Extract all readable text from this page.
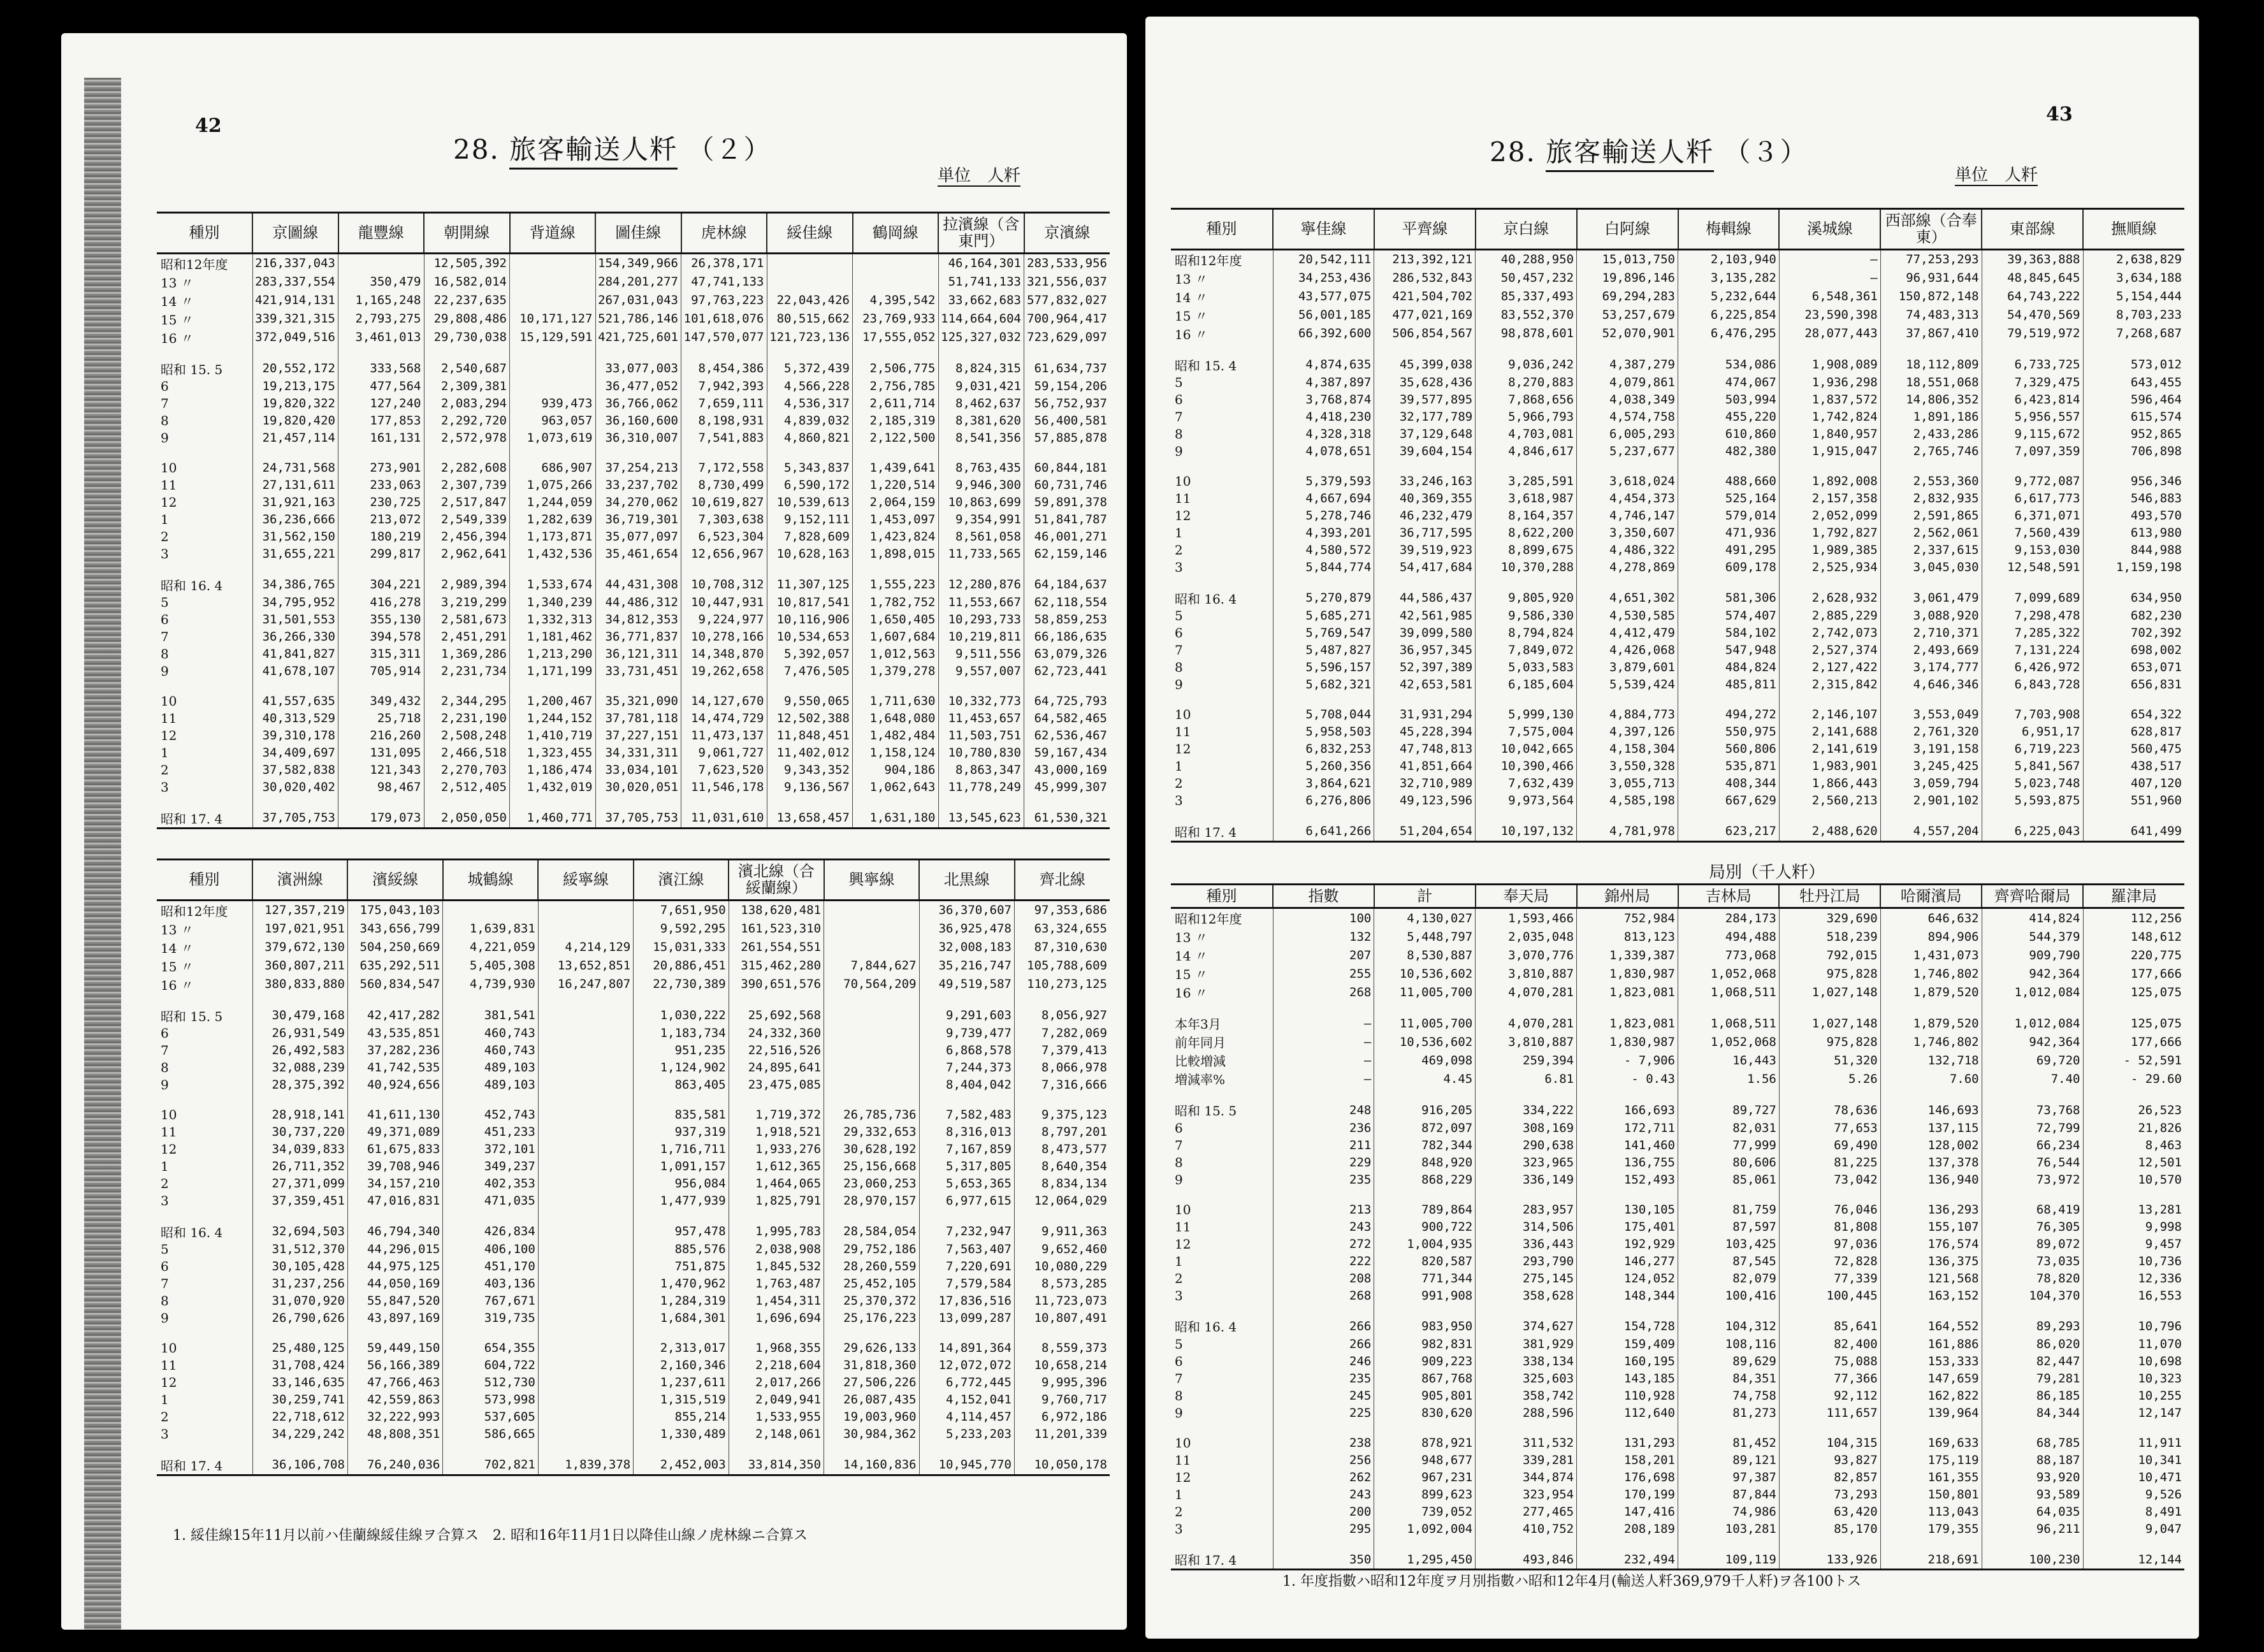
42
28. 旅客輸送人粁 （２）
単位　人粁
種別	京圖線	龍豐線	朝開線	背道線	圖佳線	虎林線	綏佳線	鶴岡線	拉濱線（含東門）	京濱線
昭和12年度	216,337,043		12,505,392		154,349,966	26,378,171			46,164,301	283,533,956
13 〃	283,337,554	350,479	16,582,014		284,201,277	47,741,133			51,741,133	321,556,037
14 〃	421,914,131	1,165,248	22,237,635		267,031,043	97,763,223	22,043,426	4,395,542	33,662,683	577,832,027
15 〃	339,321,315	2,793,275	29,808,486	10,171,127	521,786,146	101,618,076	80,515,662	23,769,933	114,664,604	700,964,417
16 〃	372,049,516	3,461,013	29,730,038	15,129,591	421,725,601	147,570,077	121,723,136	17,555,052	125,327,032	723,629,097

昭和 15. 5	20,552,172	333,568	2,540,687		33,077,003	8,454,386	5,372,439	2,506,775	8,824,315	61,634,737
6	19,213,175	477,564	2,309,381		36,477,052	7,942,393	4,566,228	2,756,785	9,031,421	59,154,206
7	19,820,322	127,240	2,083,294	939,473	36,766,062	7,659,111	4,536,317	2,611,714	8,462,637	56,752,937
8	19,820,420	177,853	2,292,720	963,057	36,160,600	8,198,931	4,839,032	2,185,319	8,381,620	56,400,581
9	21,457,114	161,131	2,572,978	1,073,619	36,310,007	7,541,883	4,860,821	2,122,500	8,541,356	57,885,878

10	24,731,568	273,901	2,282,608	686,907	37,254,213	7,172,558	5,343,837	1,439,641	8,763,435	60,844,181
11	27,131,611	233,063	2,307,739	1,075,266	33,237,702	8,730,499	6,590,172	1,220,514	9,946,300	60,731,746
12	31,921,163	230,725	2,517,847	1,244,059	34,270,062	10,619,827	10,539,613	2,064,159	10,863,699	59,891,378
1	36,236,666	213,072	2,549,339	1,282,639	36,719,301	7,303,638	9,152,111	1,453,097	9,354,991	51,841,787
2	31,562,150	180,219	2,456,394	1,173,871	35,077,097	6,523,304	7,828,609	1,423,824	8,561,058	46,001,271
3	31,655,221	299,817	2,962,641	1,432,536	35,461,654	12,656,967	10,628,163	1,898,015	11,733,565	62,159,146

昭和 16. 4	34,386,765	304,221	2,989,394	1,533,674	44,431,308	10,708,312	11,307,125	1,555,223	12,280,876	64,184,637
5	34,795,952	416,278	3,219,299	1,340,239	44,486,312	10,447,931	10,817,541	1,782,752	11,553,667	62,118,554
6	31,501,553	355,130	2,581,673	1,332,313	34,812,353	9,224,977	10,116,906	1,650,405	10,293,733	58,859,253
7	36,266,330	394,578	2,451,291	1,181,462	36,771,837	10,278,166	10,534,653	1,607,684	10,219,811	66,186,635
8	41,841,827	315,311	1,369,286	1,213,290	36,121,311	14,348,870	5,392,057	1,012,563	9,511,556	63,079,326
9	41,678,107	705,914	2,231,734	1,171,199	33,731,451	19,262,658	7,476,505	1,379,278	9,557,007	62,723,441

10	41,557,635	349,432	2,344,295	1,200,467	35,321,090	14,127,670	9,550,065	1,711,630	10,332,773	64,725,793
11	40,313,529	25,718	2,231,190	1,244,152	37,781,118	14,474,729	12,502,388	1,648,080	11,453,657	64,582,465
12	39,310,178	216,260	2,508,248	1,410,719	37,227,151	11,473,137	11,848,451	1,482,484	11,503,751	62,536,467
1	34,409,697	131,095	2,466,518	1,323,455	34,331,311	9,061,727	11,402,012	1,158,124	10,780,830	59,167,434
2	37,582,838	121,343	2,270,703	1,186,474	33,034,101	7,623,520	9,343,352	904,186	8,863,347	43,000,169
3	30,020,402	98,467	2,512,405	1,432,019	30,020,051	11,546,178	9,136,567	1,062,643	11,778,249	45,999,307

昭和 17. 4	37,705,753	179,073	2,050,050	1,460,771	37,705,753	11,031,610	13,658,457	1,631,180	13,545,623	61,530,321
種別	濱洲線	濱綏線	城鶴線	綏寧線	濱江線	濱北線（合綏蘭線）	興寧線	北黒線	齊北線
昭和12年度	127,357,219	175,043,103			7,651,950	138,620,481		36,370,607	97,353,686
13 〃	197,021,951	343,656,799	1,639,831		9,592,295	161,523,310		36,925,478	63,324,655
14 〃	379,672,130	504,250,669	4,221,059	4,214,129	15,031,333	261,554,551		32,008,183	87,310,630
15 〃	360,807,211	635,292,511	5,405,308	13,652,851	20,886,451	315,462,280	7,844,627	35,216,747	105,788,609
16 〃	380,833,880	560,834,547	4,739,930	16,247,807	22,730,389	390,651,576	70,564,209	49,519,587	110,273,125

昭和 15. 5	30,479,168	42,417,282	381,541		1,030,222	25,692,568		9,291,603	8,056,927
6	26,931,549	43,535,851	460,743		1,183,734	24,332,360		9,739,477	7,282,069
7	26,492,583	37,282,236	460,743		951,235	22,516,526		6,868,578	7,379,413
8	32,088,239	41,742,535	489,103		1,124,902	24,895,641		7,244,373	8,066,978
9	28,375,392	40,924,656	489,103		863,405	23,475,085		8,404,042	7,316,666

10	28,918,141	41,611,130	452,743		835,581	1,719,372	26,785,736	7,582,483	9,375,123
11	30,737,220	49,371,089	451,233		937,319	1,918,521	29,332,653	8,316,013	8,797,201
12	34,039,833	61,675,833	372,101		1,716,711	1,933,276	30,628,192	7,167,859	8,473,577
1	26,711,352	39,708,946	349,237		1,091,157	1,612,365	25,156,668	5,317,805	8,640,354
2	27,371,099	34,157,210	402,353		956,084	1,464,065	23,060,253	5,653,365	8,834,134
3	37,359,451	47,016,831	471,035		1,477,939	1,825,791	28,970,157	6,977,615	12,064,029

昭和 16. 4	32,694,503	46,794,340	426,834		957,478	1,995,783	28,584,054	7,232,947	9,911,363
5	31,512,370	44,296,015	406,100		885,576	2,038,908	29,752,186	7,563,407	9,652,460
6	30,105,428	44,975,125	451,170		751,875	1,845,532	28,260,559	7,220,691	10,080,229
7	31,237,256	44,050,169	403,136		1,470,962	1,763,487	25,452,105	7,579,584	8,573,285
8	31,070,920	55,847,520	767,671		1,284,319	1,454,311	25,370,372	17,836,516	11,723,073
9	26,790,626	43,897,169	319,735		1,684,301	1,696,694	25,176,223	13,099,287	10,807,491

10	25,480,125	59,449,150	654,355		2,313,017	1,968,355	29,626,133	14,891,364	8,559,373
11	31,708,424	56,166,389	604,722		2,160,346	2,218,604	31,818,360	12,072,072	10,658,214
12	33,146,635	47,766,463	512,730		1,237,611	2,017,266	27,506,226	6,772,445	9,995,396
1	30,259,741	42,559,863	573,998		1,315,519	2,049,941	26,087,435	4,152,041	9,760,717
2	22,718,612	32,222,993	537,605		855,214	1,533,955	19,003,960	4,114,457	6,972,186
3	34,229,242	48,808,351	586,665		1,330,489	2,148,061	30,984,362	5,233,203	11,201,339

昭和 17. 4	36,106,708	76,240,036	702,821	1,839,378	2,452,003	33,814,350	14,160,836	10,945,770	10,050,178
1. 綏佳線15年11月以前ハ佳蘭線綏佳線ヲ合算ス　2. 昭和16年11月1日以降佳山線ノ虎林線ニ合算ス
43
28. 旅客輸送人粁 （３）
単位　人粁
種別	寧佳線	平齊線	京白線	白阿線	梅輯線	溪城線	西部線（合奉東）	東部線	撫順線
昭和12年度	20,542,111	213,392,121	40,288,950	15,013,750	2,103,940	—	77,253,293	39,363,888	2,638,829
13 〃	34,253,436	286,532,843	50,457,232	19,896,146	3,135,282	—	96,931,644	48,845,645	3,634,188
14 〃	43,577,075	421,504,702	85,337,493	69,294,283	5,232,644	6,548,361	150,872,148	64,743,222	5,154,444
15 〃	56,001,185	477,021,169	83,552,370	53,257,679	6,225,854	23,590,398	74,483,313	54,470,569	8,703,233
16 〃	66,392,600	506,854,567	98,878,601	52,070,901	6,476,295	28,077,443	37,867,410	79,519,972	7,268,687

昭和 15. 4	4,874,635	45,399,038	9,036,242	4,387,279	534,086	1,908,089	18,112,809	6,733,725	573,012
5	4,387,897	35,628,436	8,270,883	4,079,861	474,067	1,936,298	18,551,068	7,329,475	643,455
6	3,768,874	39,577,895	7,868,656	4,038,349	503,994	1,837,572	14,806,352	6,423,814	596,464
7	4,418,230	32,177,789	5,966,793	4,574,758	455,220	1,742,824	1,891,186	5,956,557	615,574
8	4,328,318	37,129,648	4,703,081	6,005,293	610,860	1,840,957	2,433,286	9,115,672	952,865
9	4,078,651	39,604,154	4,846,617	5,237,677	482,380	1,915,047	2,765,746	7,097,359	706,898

10	5,379,593	33,246,163	3,285,591	3,618,024	488,660	1,892,008	2,553,360	9,772,087	956,346
11	4,667,694	40,369,355	3,618,987	4,454,373	525,164	2,157,358	2,832,935	6,617,773	546,883
12	5,278,746	46,232,479	8,164,357	4,746,147	579,014	2,052,099	2,591,865	6,371,071	493,570
1	4,393,201	36,717,595	8,622,200	3,350,607	471,936	1,792,827	2,562,061	7,560,439	613,980
2	4,580,572	39,519,923	8,899,675	4,486,322	491,295	1,989,385	2,337,615	9,153,030	844,988
3	5,844,774	54,417,684	10,370,288	4,278,869	609,178	2,525,934	3,045,030	12,548,591	1,159,198

昭和 16. 4	5,270,879	44,586,437	9,805,920	4,651,302	581,306	2,628,932	3,061,479	7,099,689	634,950
5	5,685,271	42,561,985	9,586,330	4,530,585	574,407	2,885,229	3,088,920	7,298,478	682,230
6	5,769,547	39,099,580	8,794,824	4,412,479	584,102	2,742,073	2,710,371	7,285,322	702,392
7	5,487,827	36,957,345	7,849,072	4,426,068	547,948	2,527,374	2,493,669	7,131,224	698,002
8	5,596,157	52,397,389	5,033,583	3,879,601	484,824	2,127,422	3,174,777	6,426,972	653,071
9	5,682,321	42,653,581	6,185,604	5,539,424	485,811	2,315,842	4,646,346	6,843,728	656,831

10	5,708,044	31,931,294	5,999,130	4,884,773	494,272	2,146,107	3,553,049	7,703,908	654,322
11	5,958,503	45,228,394	7,575,004	4,397,126	550,975	2,141,688	2,761,320	6,951,17	628,817
12	6,832,253	47,748,813	10,042,665	4,158,304	560,806	2,141,619	3,191,158	6,719,223	560,475
1	5,260,356	41,851,664	10,390,466	3,550,328	535,871	1,983,901	3,245,425	5,841,567	438,517
2	3,864,621	32,710,989	7,632,439	3,055,713	408,344	1,866,443	3,059,794	5,023,748	407,120
3	6,276,806	49,123,596	9,973,564	4,585,198	667,629	2,560,213	2,901,102	5,593,875	551,960

昭和 17. 4	6,641,266	51,204,654	10,197,132	4,781,978	623,217	2,488,620	4,557,204	6,225,043	641,499
局別（千人粁）
種別	指數	計	奉天局	錦州局	吉林局	牡丹江局	哈爾濱局	齊齊哈爾局	羅津局
昭和12年度	100	4,130,027	1,593,466	752,984	284,173	329,690	646,632	414,824	112,256
13 〃	132	5,448,797	2,035,048	813,123	494,488	518,239	894,906	544,379	148,612
14 〃	207	8,530,887	3,070,776	1,339,387	773,068	792,015	1,431,073	909,790	220,775
15 〃	255	10,536,602	3,810,887	1,830,987	1,052,068	975,828	1,746,802	942,364	177,666
16 〃	268	11,005,700	4,070,281	1,823,081	1,068,511	1,027,148	1,879,520	1,012,084	125,075

本年3月	—	11,005,700	4,070,281	1,823,081	1,068,511	1,027,148	1,879,520	1,012,084	125,075
前年同月	—	10,536,602	3,810,887	1,830,987	1,052,068	975,828	1,746,802	942,364	177,666
比較増減	—	469,098	259,394	- 7,906	16,443	51,320	132,718	69,720	- 52,591
増減率%	—	4.45	6.81	- 0.43	1.56	5.26	7.60	7.40	- 29.60

昭和 15. 5	248	916,205	334,222	166,693	89,727	78,636	146,693	73,768	26,523
6	236	872,097	308,169	172,711	82,031	77,653	137,115	72,799	21,826
7	211	782,344	290,638	141,460	77,999	69,490	128,002	66,234	8,463
8	229	848,920	323,965	136,755	80,606	81,225	137,378	76,544	12,501
9	235	868,229	336,149	152,493	85,061	73,042	136,940	73,972	10,570

10	213	789,864	283,957	130,105	81,759	76,046	136,293	68,419	13,281
11	243	900,722	314,506	175,401	87,597	81,808	155,107	76,305	9,998
12	272	1,004,935	336,443	192,929	103,425	97,036	176,574	89,072	9,457
1	222	820,587	293,790	146,277	87,545	72,828	136,375	73,035	10,736
2	208	771,344	275,145	124,052	82,079	77,339	121,568	78,820	12,336
3	268	991,908	358,628	148,344	100,416	100,445	163,152	104,370	16,553

昭和 16. 4	266	983,950	374,627	154,728	104,312	85,641	164,552	89,293	10,796
5	266	982,831	381,929	159,409	108,116	82,400	161,886	86,020	11,070
6	246	909,223	338,134	160,195	89,629	75,088	153,333	82,447	10,698
7	235	867,768	325,603	143,185	84,351	77,366	147,659	79,281	10,323
8	245	905,801	358,742	110,928	74,758	92,112	162,822	86,185	10,255
9	225	830,620	288,596	112,640	81,273	111,657	139,964	84,344	12,147

10	238	878,921	311,532	131,293	81,452	104,315	169,633	68,785	11,911
11	256	948,677	339,281	158,201	89,121	93,827	175,119	88,187	10,341
12	262	967,231	344,874	176,698	97,387	82,857	161,355	93,920	10,471
1	243	899,623	323,954	170,199	87,844	73,293	150,801	93,589	9,526
2	200	739,052	277,465	147,416	74,986	63,420	113,043	64,035	8,491
3	295	1,092,004	410,752	208,189	103,281	85,170	179,355	96,211	9,047

昭和 17. 4	350	1,295,450	493,846	232,494	109,119	133,926	218,691	100,230	12,144
1. 年度指數ハ昭和12年度ヲ月別指數ハ昭和12年4月(輸送人粁369,979千人粁)ヲ各100トス
